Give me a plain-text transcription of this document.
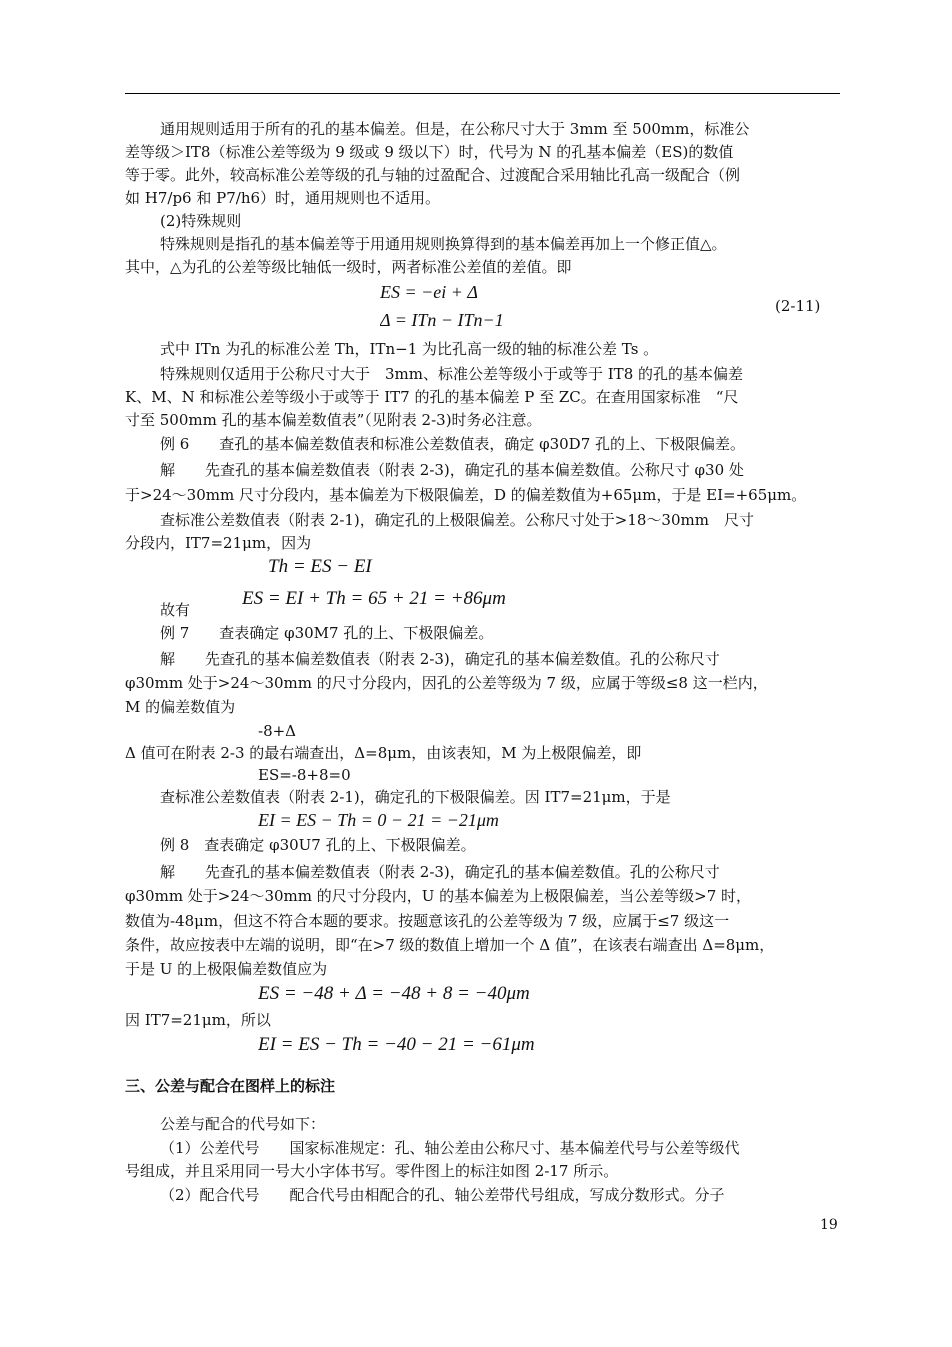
通用规则适用于所有的孔的基本偏差。但是，在公称尺寸大于 3mm 至 500mm，标准公
差等级＞IT8（标准公差等级为 9 级或 9 级以下）时，代号为 N 的孔基本偏差（ES)的数值
等于零。此外，较高标准公差等级的孔与轴的过盈配合、过渡配合采用轴比孔高一级配合（例
如 H7/p6 和 P7/h6）时，通用规则也不适用。
(2)特殊规则
特殊规则是指孔的基本偏差等于用通用规则换算得到的基本偏差再加上一个修正值△。
其中，△为孔的公差等级比轴低一级时，两者标准公差值的差值。即
ES = −ei + Δ
Δ = ITn − ITn−1
(2-11)
式中 ITn 为孔的标准公差 Th，ITn−1 为比孔高一级的轴的标准公差 Ts 。
特殊规则仅适用于公称尺寸大于　3mm、标准公差等级小于或等于 IT8 的孔的基本偏差
K、M、N 和标准公差等级小于或等于 IT7 的孔的基本偏差 P 至 ZC。在查用国家标准　“尺
寸至 500mm 孔的基本偏差数值表”（见附表 2-3)时务必注意。
例 6　　查孔的基本偏差数值表和标准公差数值表，确定 φ30D7 孔的上、下极限偏差。
解　　先查孔的基本偏差数值表（附表 2-3)，确定孔的基本偏差数值。公称尺寸 φ30 处
于>24～30mm 尺寸分段内，基本偏差为下极限偏差，D 的偏差数值为+65μm，于是 EI=+65μm。
查标准公差数值表（附表 2-1)，确定孔的上极限偏差。公称尺寸处于>18～30mm　尺寸
分段内，IT7=21μm，因为
Th = ES − EI
故有
ES = EI + Th = 65 + 21 = +86μm
例 7　　查表确定 φ30M7 孔的上、下极限偏差。
解　　先查孔的基本偏差数值表（附表 2-3)，确定孔的基本偏差数值。孔的公称尺寸
φ30mm 处于>24～30mm 的尺寸分段内，因孔的公差等级为 7 级，应属于等级≤8 这一栏内，
M 的偏差数值为
-8+Δ
Δ 值可在附表 2-3 的最右端查出，Δ=8μm，由该表知，M 为上极限偏差，即
ES=-8+8=0
查标准公差数值表（附表 2-1)，确定孔的下极限偏差。因 IT7=21μm，于是
EI = ES − Th = 0 − 21 = −21μm
例 8　查表确定 φ30U7 孔的上、下极限偏差。
解　　先查孔的基本偏差数值表（附表 2-3)，确定孔的基本偏差数值。孔的公称尺寸
φ30mm 处于>24～30mm 的尺寸分段内，U 的基本偏差为上极限偏差，当公差等级>7 时，
数值为-48μm，但这不符合本题的要求。按题意该孔的公差等级为 7 级，应属于≤7 级这一
条件，故应按表中左端的说明，即“在>7 级的数值上增加一个 Δ 值”，在该表右端查出 Δ=8μm，
于是 U 的上极限偏差数值应为
ES = −48 + Δ = −48 + 8 = −40μm
因 IT7=21μm，所以
EI = ES − Th = −40 − 21 = −61μm
三、公差与配合在图样上的标注
公差与配合的代号如下：
（1）公差代号　　国家标准规定：孔、轴公差由公称尺寸、基本偏差代号与公差等级代
号组成，并且采用同一号大小字体书写。零件图上的标注如图 2-17 所示。
（2）配合代号　　配合代号由相配合的孔、轴公差带代号组成，写成分数形式。分子
19
